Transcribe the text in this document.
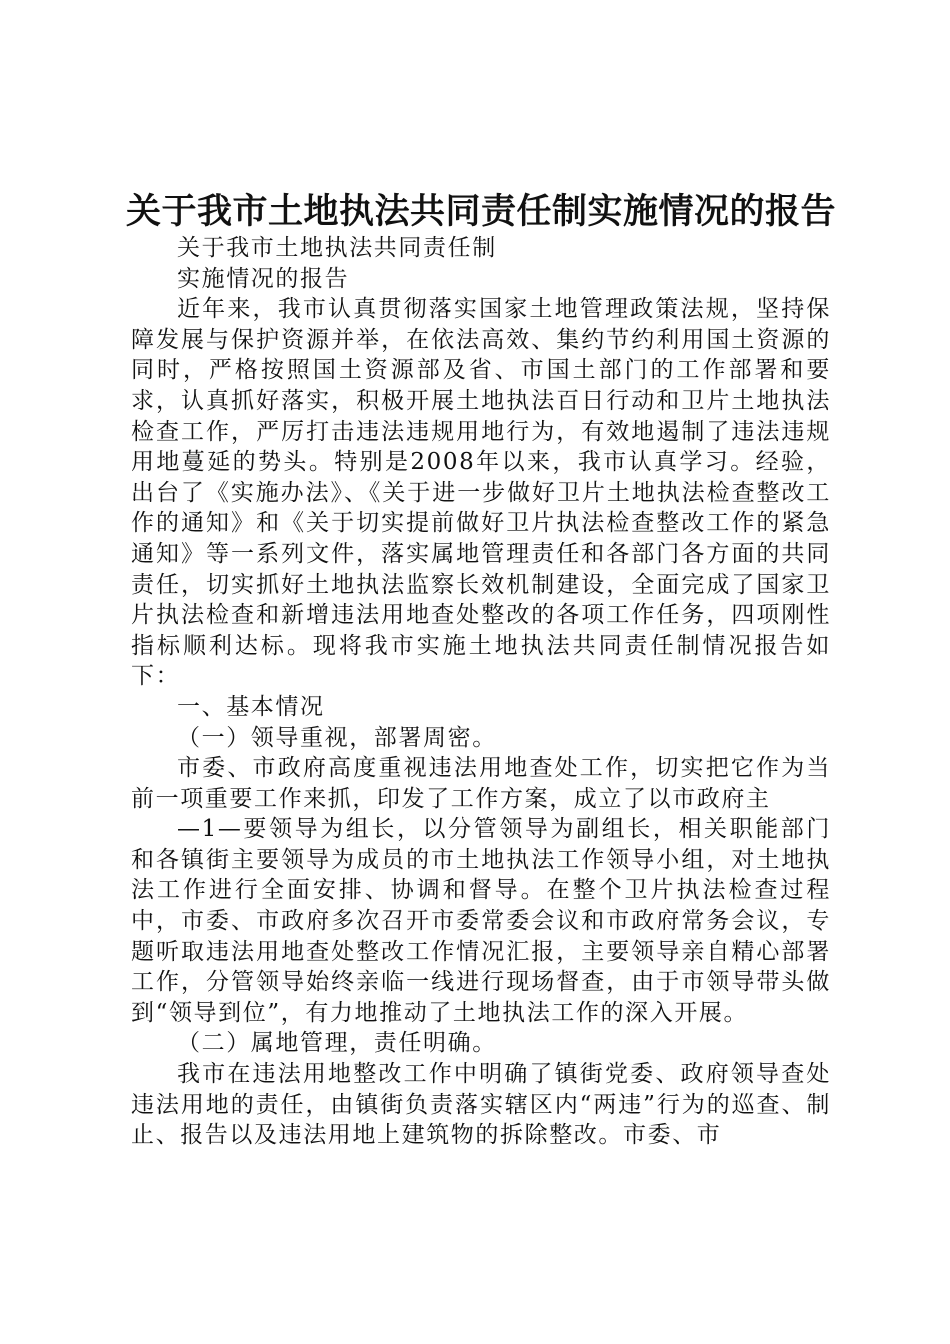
关于我市土地执法共同责任制实施情况的报告

关于我市土地执法共同责任制

实施情况的报告

近年来，我市认真贯彻落实国家土地管理政策法规，坚持保障发展与保护资源并举，在依法高效、集约节约利用国土资源的同时，严格按照国土资源部及省、市国土部门的工作部署和要求，认真抓好落实，积极开展土地执法百日行动和卫片土地执法检查工作，严厉打击违法违规用地行为，有效地遏制了违法违规用地蔓延的势头。特别是2008年以来，我市认真学习。经验，出台了《实施办法》、《关于进一步做好卫片土地执法检查整改工作的通知》和《关于切实提前做好卫片执法检查整改工作的紧急通知》等一系列文件，落实属地管理责任和各部门各方面的共同责任，切实抓好土地执法监察长效机制建设，全面完成了国家卫片执法检查和新增违法用地查处整改的各项工作任务，四项刚性指标顺利达标。现将我市实施土地执法共同责任制情况报告如下：

一、基本情况

（一）领导重视，部署周密。

市委、市政府高度重视违法用地查处工作，切实把它作为当前一项重要工作来抓，印发了工作方案，成立了以市政府主

—1—要领导为组长，以分管领导为副组长，相关职能部门和各镇街主要领导为成员的市土地执法工作领导小组，对土地执法工作进行全面安排、协调和督导。在整个卫片执法检查过程中，市委、市政府多次召开市委常委会议和市政府常务会议，专题听取违法用地查处整改工作情况汇报，主要领导亲自精心部署工作，分管领导始终亲临一线进行现场督查，由于市领导带头做到“领导到位”，有力地推动了土地执法工作的深入开展。

（二）属地管理，责任明确。

我市在违法用地整改工作中明确了镇街党委、政府领导查处违法用地的责任，由镇街负责落实辖区内“两违”行为的巡查、制止、报告以及违法用地上建筑物的拆除整改。市委、市
